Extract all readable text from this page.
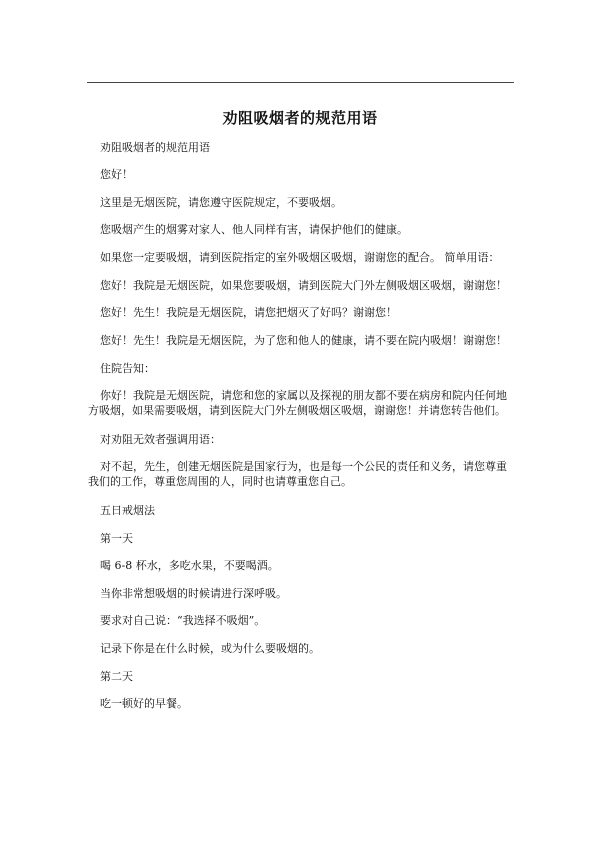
劝阻吸烟者的规范用语
劝阻吸烟者的规范用语
您好！
这里是无烟医院，请您遵守医院规定，不要吸烟。
您吸烟产生的烟雾对家人、他人同样有害，请保护他们的健康。
如果您一定要吸烟，请到医院指定的室外吸烟区吸烟，谢谢您的配合。 简单用语：
您好！我院是无烟医院，如果您要吸烟，请到医院大门外左侧吸烟区吸烟，谢谢您！
您好！先生！我院是无烟医院，请您把烟灭了好吗？谢谢您！
您好！先生！我院是无烟医院，为了您和他人的健康，请不要在院内吸烟！谢谢您！
住院告知：
你好！我院是无烟医院，请您和您的家属以及探视的朋友都不要在病房和院内任何地方吸烟，如果需要吸烟，请到医院大门外左侧吸烟区吸烟，谢谢您！并请您转告他们。
对劝阻无效者强调用语：
对不起，先生，创建无烟医院是国家行为，也是每一个公民的责任和义务，请您尊重我们的工作，尊重您周围的人，同时也请尊重您自己。
五日戒烟法
第一天
喝 6-8 杯水，多吃水果，不要喝酒。
当你非常想吸烟的时候请进行深呼吸。
要求对自己说：“我选择不吸烟”。
记录下你是在什么时候，或为什么要吸烟的。
第二天
吃一顿好的早餐。
